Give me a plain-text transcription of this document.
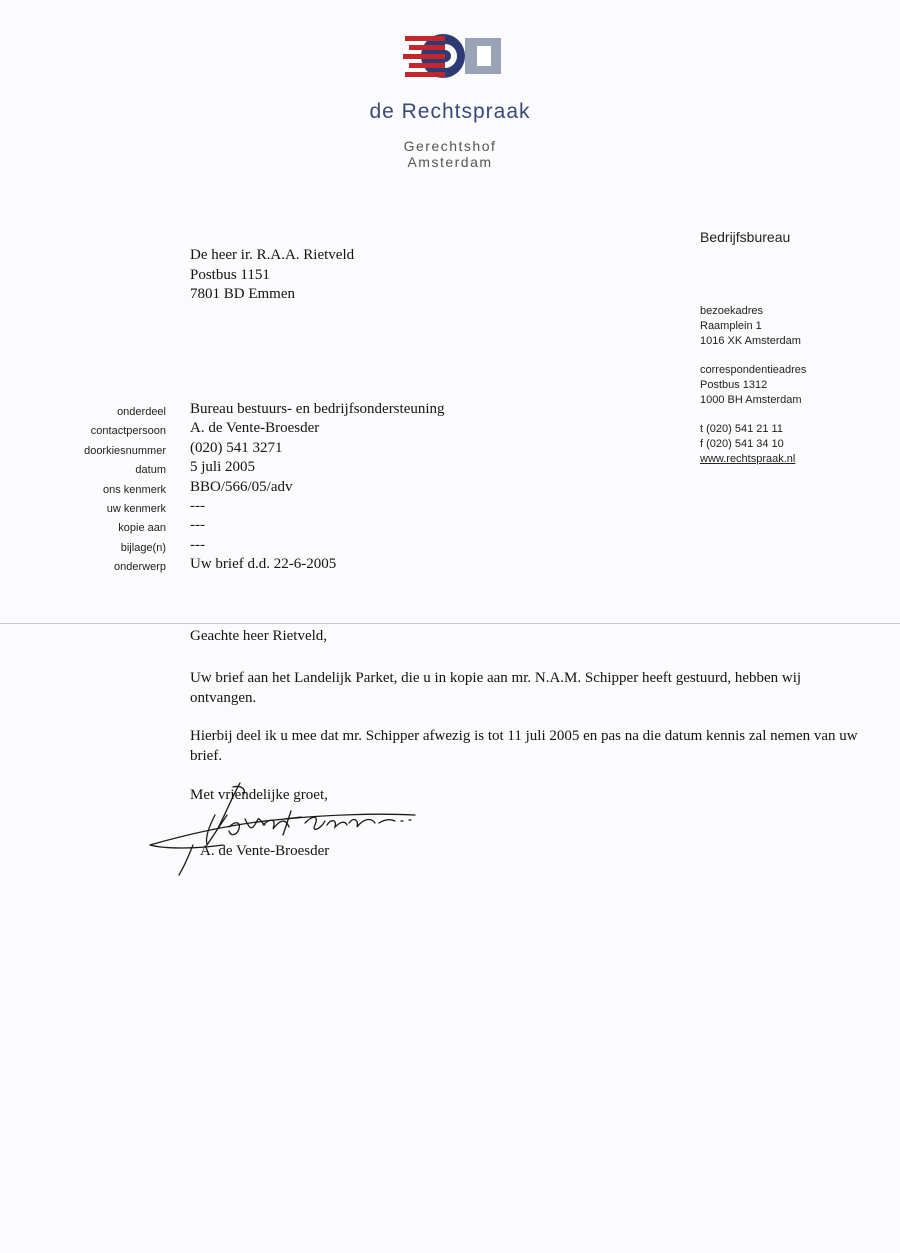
de Rechtspraak
Gerechtshof
Amsterdam
Bedrijfsbureau
bezoekadres
Raamplein 1
1016 XK Amsterdam
correspondentieadres
Postbus 1312
1000 BH Amsterdam
t (020) 541 21 11
f (020) 541 34 10
www.rechtspraak.nl
De heer ir. R.A.A. Rietveld
Postbus 1151
7801 BD Emmen
onderdeel
contactpersoon
doorkiesnummer
datum
ons kenmerk
uw kenmerk
kopie aan
bijlage(n)
onderwerp
Bureau bestuurs- en bedrijfsondersteuning
A. de Vente-Broesder
(020) 541 3271
5 juli 2005
BBO/566/05/adv
---
---
---
Uw brief d.d. 22-6-2005
Geachte heer Rietveld,
Uw brief aan het Landelijk Parket, die u in kopie aan mr. N.A.M. Schipper heeft gestuurd, hebben wij ontvangen.
Hierbij deel ik u mee dat mr. Schipper afwezig is tot 11 juli 2005 en pas na die datum kennis zal nemen van uw brief.
Met vriendelijke groet,
A. de Vente-Broesder
